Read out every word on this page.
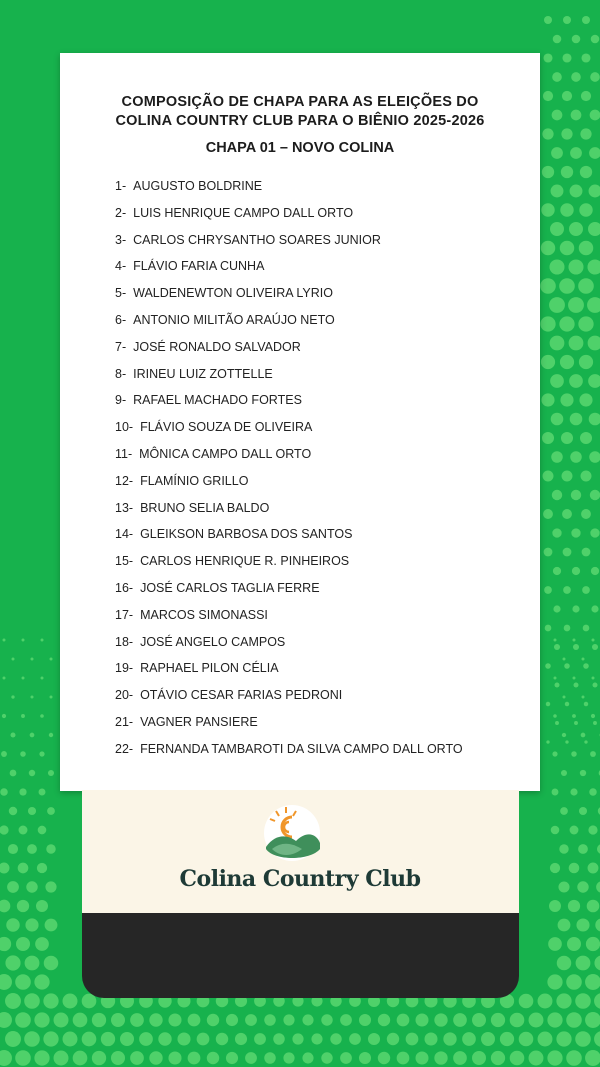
COMPOSIÇÃO DE CHAPA PARA AS ELEIÇÕES DO
COLINA COUNTRY CLUB PARA O BIÊNIO 2025-2026
CHAPA 01 – NOVO COLINA
1- AUGUSTO BOLDRINE
2- LUIS HENRIQUE CAMPO DALL ORTO
3- CARLOS CHRYSANTHO SOARES JUNIOR
4- FLÁVIO FARIA CUNHA
5- WALDENEWTON OLIVEIRA LYRIO
6- ANTONIO MILITÃO ARAÚJO NETO
7- JOSÉ RONALDO SALVADOR
8- IRINEU LUIZ ZOTTELLE
9- RAFAEL MACHADO FORTES
10- FLÁVIO SOUZA DE OLIVEIRA
11- MÔNICA CAMPO DALL ORTO
12- FLAMÍNIO GRILLO
13- BRUNO SELIA BALDO
14- GLEIKSON BARBOSA DOS SANTOS
15- CARLOS HENRIQUE R. PINHEIROS
16- JOSÉ CARLOS TAGLIA FERRE
17- MARCOS SIMONASSI
18- JOSÉ ANGELO CAMPOS
19- RAPHAEL PILON CÉLIA
20- OTÁVIO CESAR FARIAS PEDRONI
21- VAGNER PANSIERE
22- FERNANDA TAMBAROTI DA SILVA CAMPO DALL ORTO
Colina Country Club
